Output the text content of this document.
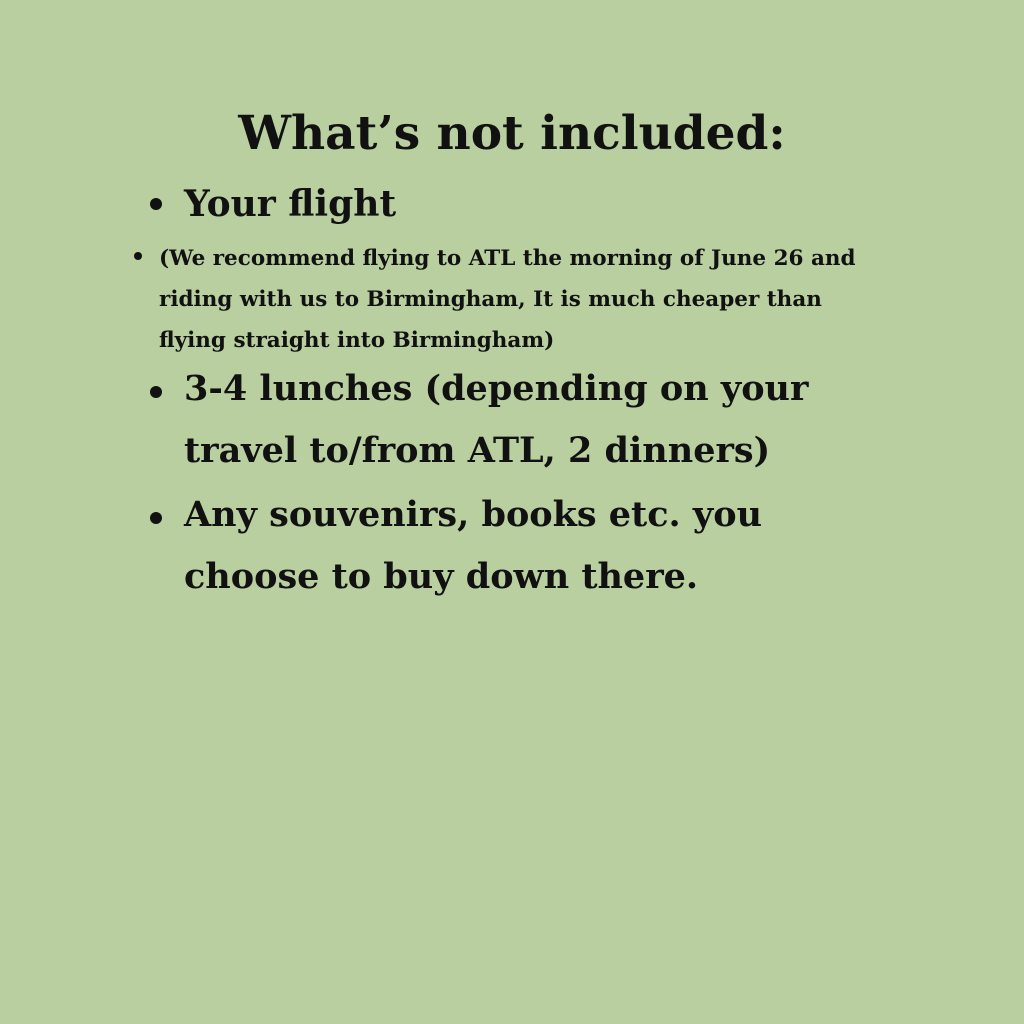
What’s not included:
Your flight
(We recommend flying to ATL the morning of June 26 and riding with us to Birmingham, It is much cheaper than flying straight into Birmingham)
3-4 lunches (depending on your travel to/from ATL, 2 dinners)
Any souvenirs, books etc. you choose to buy down there.
